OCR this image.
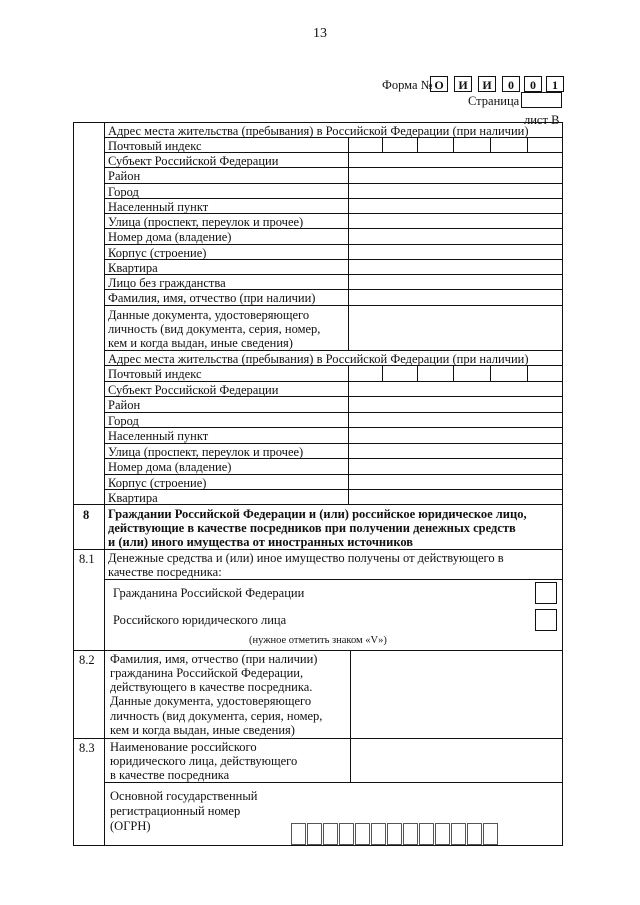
13
Форма № О	И	И	0	0	1
Страница
лист В
Адрес места жительства (пребывания) в Российской Федерации (при наличии)
Почтовый индекс
Субъект Российской Федерации
Район
Город
Населенный пункт
Улица (проспект, переулок и прочее)
Номер дома (владение)
Корпус (строение)
Квартира
Лицо без гражданства
Фамилия, имя, отчество (при наличии)
Данные документа, удостоверяющего
личность (вид документа, серия, номер,
кем и когда выдан, иные сведения)
Адрес места жительства (пребывания) в Российской Федерации (при наличии)
Почтовый индекс
Субъект Российской Федерации
Район
Город
Населенный пункт
Улица (проспект, переулок и прочее)
Номер дома (владение)
Корпус (строение)
Квартира
8 Граждании Российской Федерации и (или) российское юридическое лицо,
действующие в качестве посредников при получении денежных средств
и (или) иного имущества от иностранных источников
8.1 Денежные средства и (или) иное имущество получены от действующего в
качестве посредника:
Гражданина Российской Федерации
Российского юридического лица
(нужное отметить знаком «V»)
8.2 Фамилия, имя, отчество (при наличии)
гражданина Российской Федерации,
действующего в качестве посредника.
Данные документа, удостоверяющего
личность (вид документа, серия, номер,
кем и когда выдан, иные сведения)
8.3 Наименование российского
юридического лица, действующего
в качестве посредника
Основной государственный
регистрационный номер
(ОГРН)
